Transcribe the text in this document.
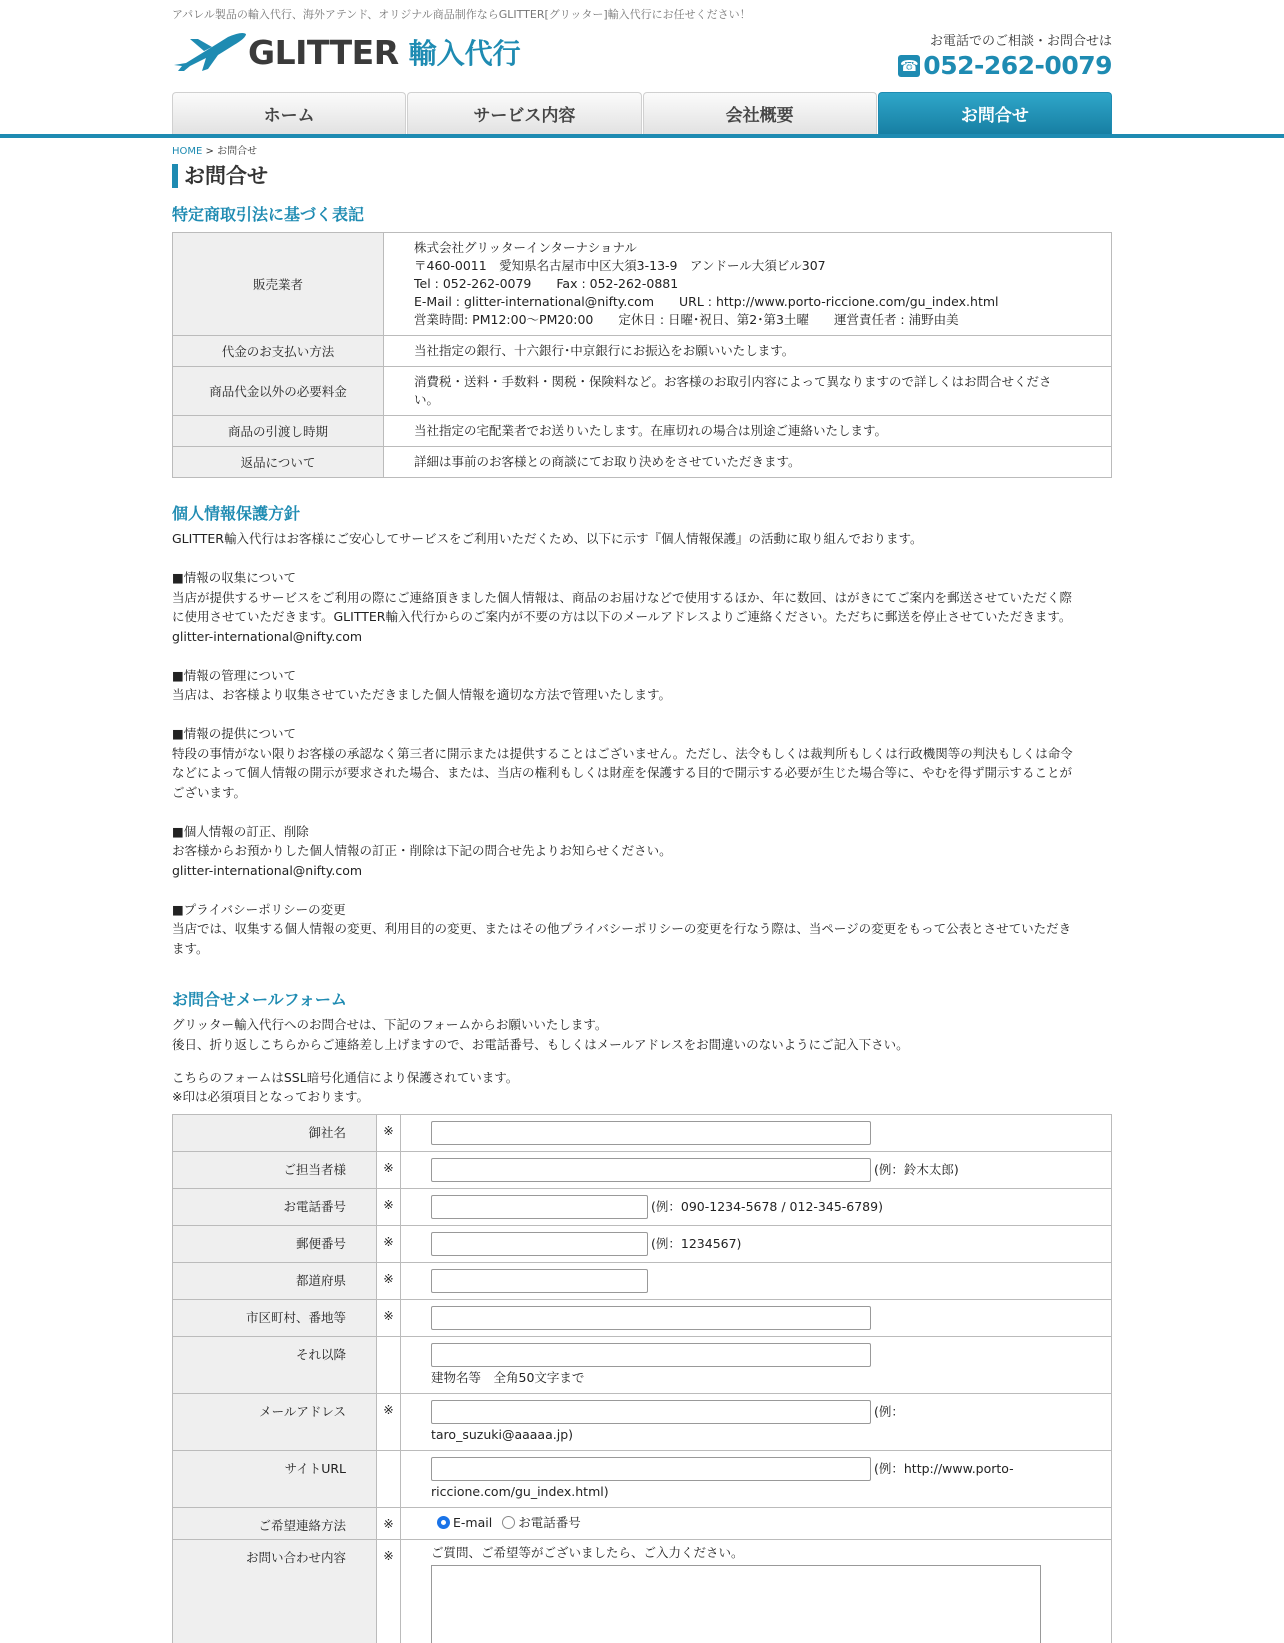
アパレル製品の輸入代行、海外アテンド、オリジナル商品制作ならGLITTER[グリッター]輸入代行にお任せください！
GLITTER 輸入代行	お電話でのご相談・お問合せは
☎ 052-262-0079
ホーム	サービス内容	会社概要	お問合せ
HOME > お問合せ
お問合せ
特定商取引法に基づく表記
販売業者	株式会社グリッターインターナショナル
〒460-0011　愛知県名古屋市中区大須3-13-9　アンドール大須ビル307
Tel : 052-262-0079　　Fax : 052-262-0881
E-Mail : glitter-international@nifty.com　　URL : http://www.porto-riccione.com/gu_index.html
営業時間: PM12:00〜PM20:00　　定休日 : 日曜･祝日、第2･第3土曜　　運営責任者 : 浦野由美

代金のお支払い方法	当社指定の銀行、十六銀行･中京銀行にお振込をお願いいたします。

商品代金以外の必要料金	消費税・送料・手数料・関税・保険料など。お客様のお取引内容によって異なりますので詳しくはお問合せくださ
い。

商品の引渡し時期	当社指定の宅配業者でお送りいたします。在庫切れの場合は別途ご連絡いたします。

返品について	詳細は事前のお客様との商談にてお取り決めをさせていただきます。
個人情報保護方針
GLITTER輸入代行はお客様にご安心してサービスをご利用いただくため、以下に示す『個人情報保護』の活動に取り組んでおります。
■情報の収集について
当店が提供するサービスをご利用の際にご連絡頂きました個人情報は、商品のお届けなどで使用するほか、年に数回、はがきにてご案内を郵送させていただく際
に使用させていただきます。GLITTER輸入代行からのご案内が不要の方は以下のメールアドレスよりご連絡ください。ただちに郵送を停止させていただきます。
glitter-international@nifty.com
■情報の管理について
当店は、お客様より収集させていただきました個人情報を適切な方法で管理いたします。
■情報の提供について
特段の事情がない限りお客様の承認なく第三者に開示または提供することはございません。ただし、法令もしくは裁判所もしくは行政機関等の判決もしくは命令
などによって個人情報の開示が要求された場合、または、当店の権利もしくは財産を保護する目的で開示する必要が生じた場合等に、やむを得ず開示することが
ございます。
■個人情報の訂正、削除
お客様からお預かりした個人情報の訂正・削除は下記の問合せ先よりお知らせください。
glitter-international@nifty.com
■プライバシーポリシーの変更
当店では、収集する個人情報の変更、利用目的の変更、またはその他プライバシーポリシーの変更を行なう際は、当ページの変更をもって公表とさせていただき
ます。
お問合せメールフォーム
グリッター輸入代行へのお問合せは、下記のフォームからお願いいたします。
後日、折り返しこちらからご連絡差し上げますので、お電話番号、もしくはメールアドレスをお間違いのないようにご記入下さい。
こちらのフォームはSSL暗号化通信により保護されています。
※印は必須項目となっております。
御社名	※	
ご担当者様	※	(例：鈴木太郎)
お電話番号	※	(例：090-1234-5678 / 012-345-6789)
郵便番号	※	(例：1234567)
都道府県	※	
市区町村、番地等	※	
それ以降		建物名等　全角50文字まで

メールアドレス	※	(例：
taro_suzuki@aaaaa.jp)

サイトURL		(例：http://www.porto-
riccione.com/gu_index.html)

ご希望連絡方法	※	E-mail お電話番号
お問い合わせ内容	※	ご質問、ご希望等がございましたら、ご入力ください。
